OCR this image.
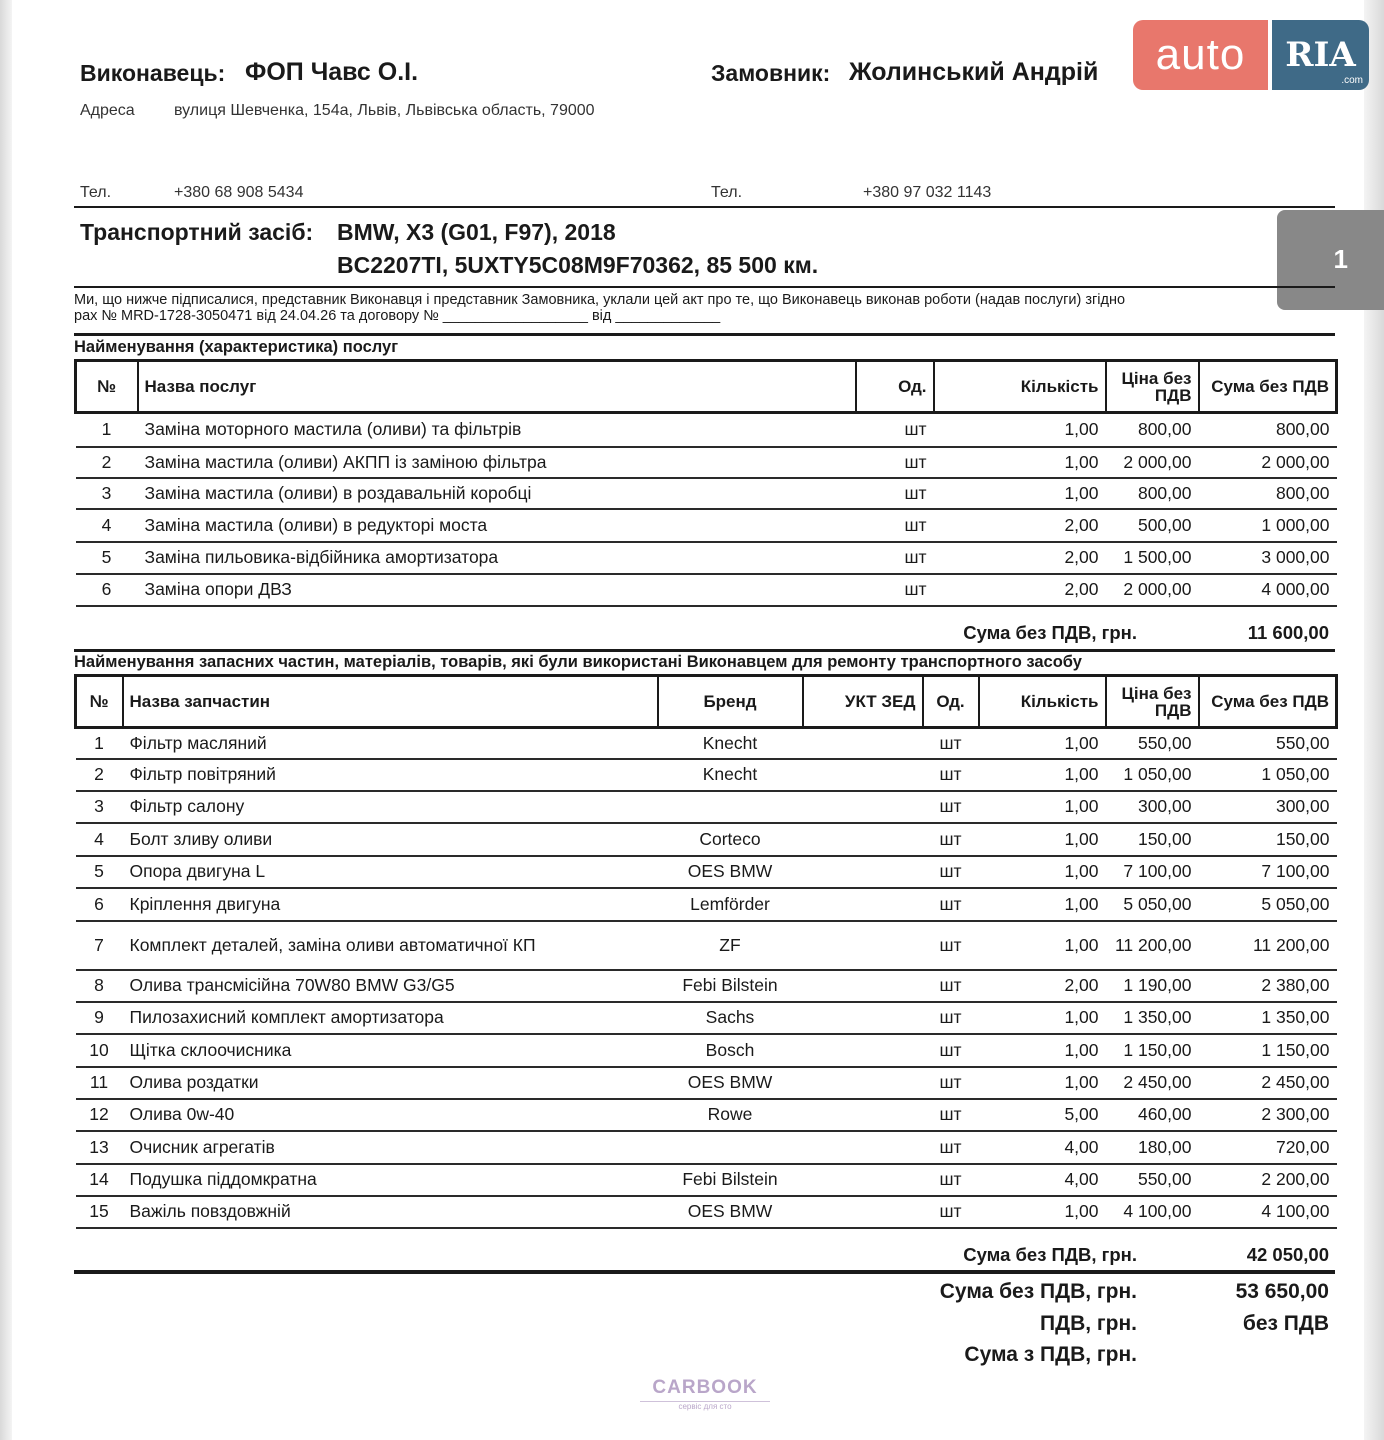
Виконавець: ФОП Чавс О.І.
Адреса вулиця Шевченка, 154а, Львів, Львівська область, 79000
Замовник: Жолинський Андрій
Тел.	+380 68 908 5434	Тел.	+380 97 032 1143
auto RIA
.com
1
Транспортний засіб: BMW, X3 (G01, F97), 2018
BC2207TI, 5UXTY5C08M9F70362, 85 500 км.
Ми, що нижче підписалися, представник Виконавця і представник Замовника, уклали цей акт про те, що Виконавець виконав роботи (надав послуги) згідно
рах № MRD-1728-3050471 від 24.04.26 та договору № __________________ від _____________
Найменування (характеристика) послуг
№	Назва послуг	Од.	Кількість	Ціна без ПДВ	Сума без ПДВ
1	Заміна моторного мастила (оливи) та фільтрів	шт	1,00	800,00	800,00
2	Заміна мастила (оливи) АКПП із заміною фільтра	шт	1,00	2 000,00	2 000,00
3	Заміна мастила (оливи) в роздавальній коробці	шт	1,00	800,00	800,00
4	Заміна мастила (оливи) в редукторі моста	шт	2,00	500,00	1 000,00
5	Заміна пильовика-відбійника амортизатора	шт	2,00	1 500,00	3 000,00
6	Заміна опори ДВЗ	шт	2,00	2 000,00	4 000,00
Сума без ПДВ, грн.	11 600,00
Найменування запасних частин, матеріалів, товарів, які були використані Виконавцем для ремонту транспортного засобу
№	Назва запчастин	Бренд	УКТ ЗЕД	Од.	Кількість	Ціна без ПДВ	Сума без ПДВ
1	Фільтр масляний	Knecht		шт	1,00	550,00	550,00
2	Фільтр повітряний	Knecht		шт	1,00	1 050,00	1 050,00
3	Фільтр салону			шт	1,00	300,00	300,00
4	Болт зливу оливи	Corteco		шт	1,00	150,00	150,00
5	Опора двигуна L	OES BMW		шт	1,00	7 100,00	7 100,00
6	Кріплення двигуна	Lemförder		шт	1,00	5 050,00	5 050,00
7	Комплект деталей, заміна оливи автоматичної КП	ZF		шт	1,00	11 200,00	11 200,00
8	Олива трансмісійна 70W80 BMW G3/G5	Febi Bilstein		шт	2,00	1 190,00	2 380,00
9	Пилозахисний комплект амортизатора	Sachs		шт	1,00	1 350,00	1 350,00
10	Щітка склоочисника	Bosch		шт	1,00	1 150,00	1 150,00
11	Олива роздатки	OES BMW		шт	1,00	2 450,00	2 450,00
12	Олива 0w-40	Rowe		шт	5,00	460,00	2 300,00
13	Очисник агрегатів			шт	4,00	180,00	720,00
14	Подушка піддомкратна	Febi Bilstein		шт	4,00	550,00	2 200,00
15	Важіль повздовжній	OES BMW		шт	1,00	4 100,00	4 100,00
Сума без ПДВ, грн.	42 050,00
Сума без ПДВ, грн.	53 650,00
ПДВ, грн.	без ПДВ
Сума з ПДВ, грн.
CARBOOK
сервіс для сто
